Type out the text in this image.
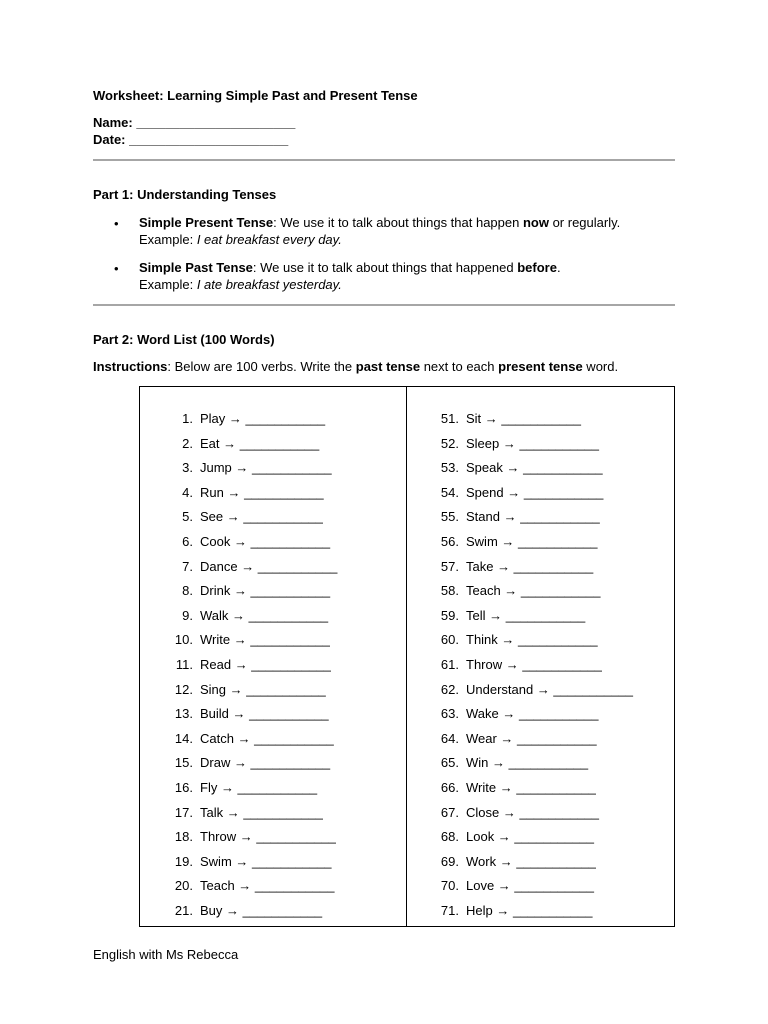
Worksheet: Learning Simple Past and Present Tense
Name: ______________________
Date: ______________________
Part 1: Understanding Tenses
• Simple Present Tense: We use it to talk about things that happen now or regularly.
Example: I eat breakfast every day.
• Simple Past Tense: We use it to talk about things that happened before.
Example: I ate breakfast yesterday.
Part 2: Word List (100 Words)
Instructions: Below are 100 verbs. Write the past tense next to each present tense word.
1. Play → ___________
2. Eat → ___________
3. Jump → ___________
4. Run → ___________
5. See → ___________
6. Cook → ___________
7. Dance → ___________
8. Drink → ___________
9. Walk → ___________
10. Write → ___________
11. Read → ___________
12. Sing → ___________
13. Build → ___________
14. Catch → ___________
15. Draw → ___________
16. Fly → ___________
17. Talk → ___________
18. Throw → ___________
19. Swim → ___________
20. Teach → ___________
21. Buy → ___________
51. Sit → ___________
52. Sleep → ___________
53. Speak → ___________
54. Spend → ___________
55. Stand → ___________
56. Swim → ___________
57. Take → ___________
58. Teach → ___________
59. Tell → ___________
60. Think → ___________
61. Throw → ___________
62. Understand → ___________
63. Wake → ___________
64. Wear → ___________
65. Win → ___________
66. Write → ___________
67. Close → ___________
68. Look → ___________
69. Work → ___________
70. Love → ___________
71. Help → ___________
English with Ms Rebecca
